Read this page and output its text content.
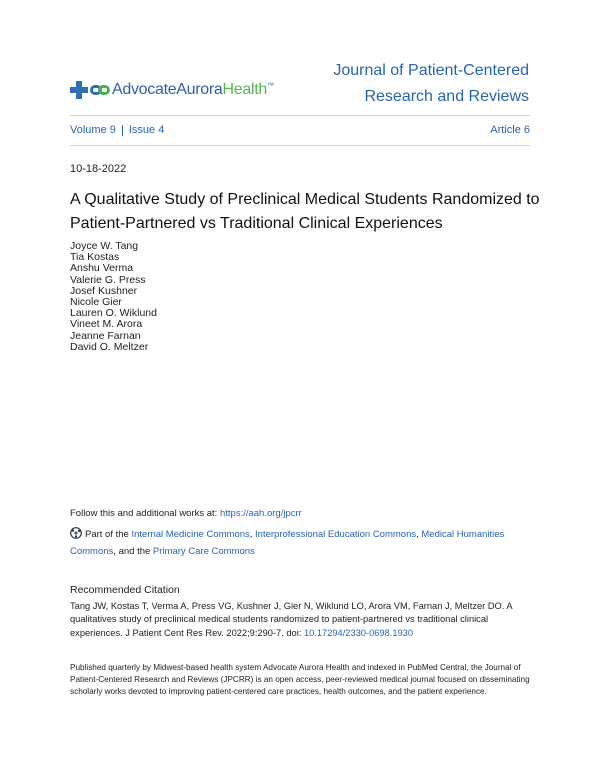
AdvocateAuroraHealth™
Journal of Patient-Centered
Research and Reviews
Volume 9 Issue 4	Article 6
10-18-2022
A Qualitative Study of Preclinical Medical Students Randomized to Patient-Partnered vs Traditional Clinical Experiences
Joyce W. Tang
Tia Kostas
Anshu Verma
Valerie G. Press
Josef Kushner
Nicole Gier
Lauren O. Wiklund
Vineet M. Arora
Jeanne Farnan
David O. Meltzer
Follow this and additional works at: https://aah.org/jpcrr
Part of the Internal Medicine Commons, Interprofessional Education Commons, Medical Humanities Commons, and the Primary Care Commons
Recommended Citation
Tang JW, Kostas T, Verma A, Press VG, Kushner J, Gier N, Wiklund LO, Arora VM, Farnan J, Meltzer DO. A qualitatives study of preclinical medical students randomized to patient-partnered vs traditional clinical experiences. J Patient Cent Res Rev. 2022;9:290-7. doi: 10.17294/2330-0698.1930
Published quarterly by Midwest-based health system Advocate Aurora Health and indexed in PubMed Central, the Journal of Patient-Centered Research and Reviews (JPCRR) is an open access, peer-reviewed medical journal focused on disseminating scholarly works devoted to improving patient-centered care practices, health outcomes, and the patient experience.
